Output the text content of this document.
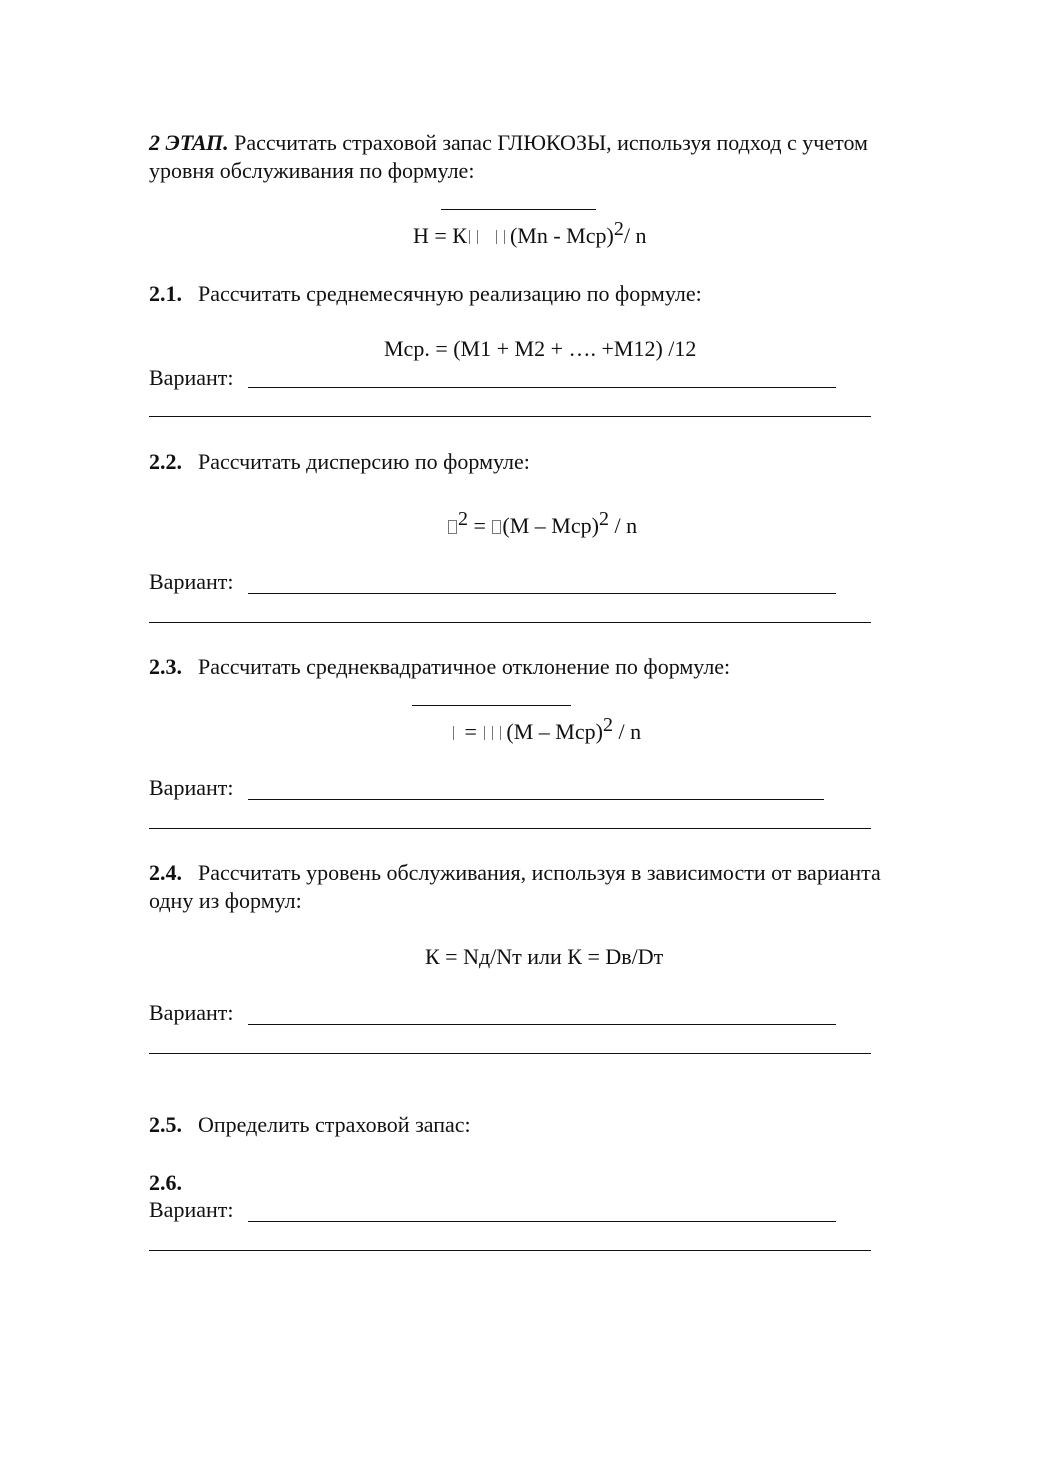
2 ЭТАП. Рассчитать страховой запас ГЛЮКОЗЫ, используя подход с учетом
уровня обслуживания по формуле:
Н = К (Мn - Мср)$^2$/ n
2.1. Рассчитать среднемесячную реализацию по формуле:
Мср. = (М1 + М2 + …. +М12) /12
Вариант:
2.2. Рассчитать дисперсию по формуле:
$^2$ = (М – Мср)$^2$ / n
Вариант:
2.3. Рассчитать среднеквадратичное отклонение по формуле:
= (М – Мср)$^2$ / n
Вариант:
2.4. Рассчитать уровень обслуживания, используя в зависимости от варианта
одну из формул:
К = Nд/Nт или К = Dв/Dт
Вариант:
2.5. Определить страховой запас:
2.6.
Вариант:
